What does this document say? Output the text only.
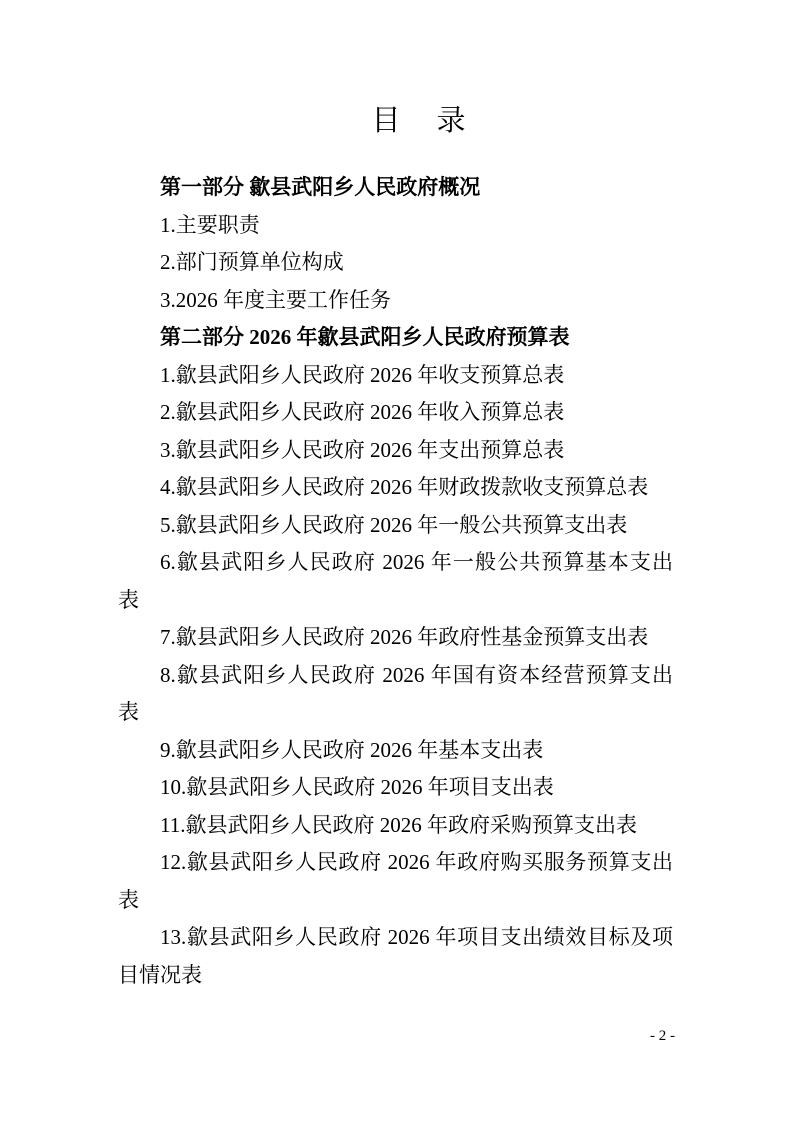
目 录
第一部分 歙县武阳乡人民政府概况
1.主要职责
2.部门预算单位构成
3.2026 年度主要工作任务
第二部分 2026 年歙县武阳乡人民政府预算表
1.歙县武阳乡人民政府 2026 年收支预算总表
2.歙县武阳乡人民政府 2026 年收入预算总表
3.歙县武阳乡人民政府 2026 年支出预算总表
4.歙县武阳乡人民政府 2026 年财政拨款收支预算总表
5.歙县武阳乡人民政府 2026 年一般公共预算支出表
6.歙县武阳乡人民政府 2026 年一般公共预算基本支出
表
7.歙县武阳乡人民政府 2026 年政府性基金预算支出表
8.歙县武阳乡人民政府 2026 年国有资本经营预算支出
表
9.歙县武阳乡人民政府 2026 年基本支出表
10.歙县武阳乡人民政府 2026 年项目支出表
11.歙县武阳乡人民政府 2026 年政府采购预算支出表
12.歙县武阳乡人民政府 2026 年政府购买服务预算支出
表
13.歙县武阳乡人民政府 2026 年项目支出绩效目标及项
目情况表
- 2 -
